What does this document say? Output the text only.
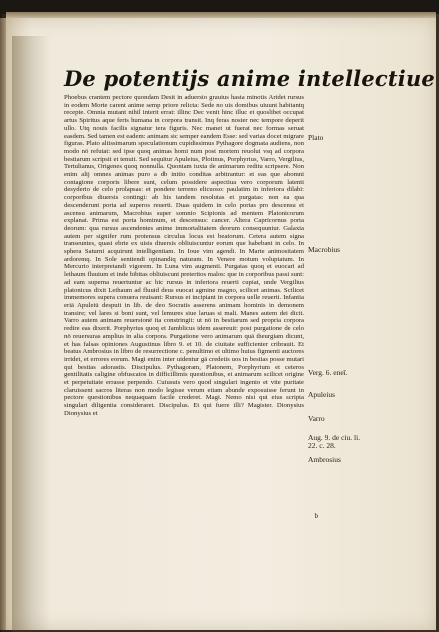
De potentijs anime intellectiue

Phoebus crantem pectore quondam Desit in aduersio grauius hasta minotis Aridet rursus in eodem Morte carent anime semp priore relicta: Sede no uis domibus uiuunt habitantq recepte. Omnia mutant nihil interit errat: illinc Dec venit hinc illuc et quoslibet occupat artus Spiritus aque feris humana in corpora transit. Inq feras noster nec tempore deperit ullo. Utq nouis facilis signatur tera figuris. Nec manet ut fuerat nec formas seruat easdem. Sed tamen est eadem: animam sic semper eandem Esse: sed varias docet migrare figuras. Plato altissimarum speculationum cupidissimus Pythagore dogmata audiens, non modo nō refutat: sed ipse quoq animas homi num post mortem reuolui vsq ad corpora bestiarum scripsit et tenuit. Sed sequitur Apuleius, Plotinus, Porphyrius, Varro, Vergilius, Tertulianus, Origenes quoq nonnulla. Quoniam iuxta de animarum reditu scripsere. Non enim alij omnes animas puro a db initio conditas arbitrantur: et eas que abomni contagione corporis libere sunt, celum possidere aspectiua vero corporum latenti desyderio de celo prolapsas: et pondere terreno elicuoso: paulatim in inferiora dilabi: corporibus diuersis contingi: ab his tandem resolutas et purgatas: non ea qua descenderunt porta ad superos reuerti. Duas quidem in celo portas pro descensu et ascensu animarum, Macrobius super somnio Scipionis ad mentem Platonicorum explanat. Prima est porta hominum, et descensus: cancer. Altera Capricornus porta deorum: qua rursus ascendentes anime immortalitatem deorum consequuntur. Galaxia autem per signifer rum protensus circulus locus est beatorum. Cetera autem signa transeuntes, quasi ebrie ex uisis diuersis obliuiscuntur eorum que habebant in celo. In sphera Saturni acquirunt intelligentiam. In Ioue vim agendi. In Marte animositatem ardoremq. In Sole sentiendi opinandiq naturam. In Venere motum voluptatum. In Mercurio interpretandi vigorem. In Luna vim augmenti. Purgatas quoq et euocari ad lethaum fluuium et inde bibitas obliuiscunt preteritos malos: que in corporibus passi sunt: ad eam superna reuertuntur ac hic rursus in inferiora reuerti cupiat, unde Vergilius platonicus dixit Lethaum ad fluuid deus euocat agmine magno, scilicet animas. Scilicet immemores supera conuera reuisant: Rursus et incipiant in corpora uelle reuerti. Infantia eriā Apuleiū despuit in lib. de deo Socratis asserens animam hominis in demonem transire; vel lares si boni sunt, vel lemures siue laruas si mali. Manes autem dei dicit. Varro autem animam reuersionē ita constringit: ut nō in bestiarum sed propria corpora redire eas dixerit. Porphyrius quoq et Jamblicus idem assereuit: post purgatione de celo nō reuersuras amplius in alia corpora. Purgatione vero animarum quā theurgiam dicunt, et has falsas opiniones Augustinus libro 9. et 10. de ciuitate sufficienter cribrauit. Et beatus Ambrosius in libro de resurrectione c. penultimo et ultimo huius figmenti auctores irridet, et errores eorum. Magi enim inter uidentur gā credetis uos in bestias posse mutari qui bestias adorastis. Discipulus. Pythagoram, Platonem, Porphyrium et ceteros gentilitatis caligine obfuscatos in difficillimis questionibus, et animarum scilicet origine et perpetuitate errasse perpendo. Cuiusuis vero quod singulari ingenio et vite puritate claruissent sacros literas non modo legisse verum etiam abunde exposuisse ferunt in pectore questionibus nequaquam facile crederet. Magi. Nemo nisi qui eius scripta singulari diligentia consideraret. Discipulus. Et qui fuere illi? Magister. Dionysius Dionysius et

Plato
Macrobius
Verg. 6. eneī.
Apuleius
Varro
Aug. 9. de ciu. li. 22. c. 28.
Ambrosius
b
